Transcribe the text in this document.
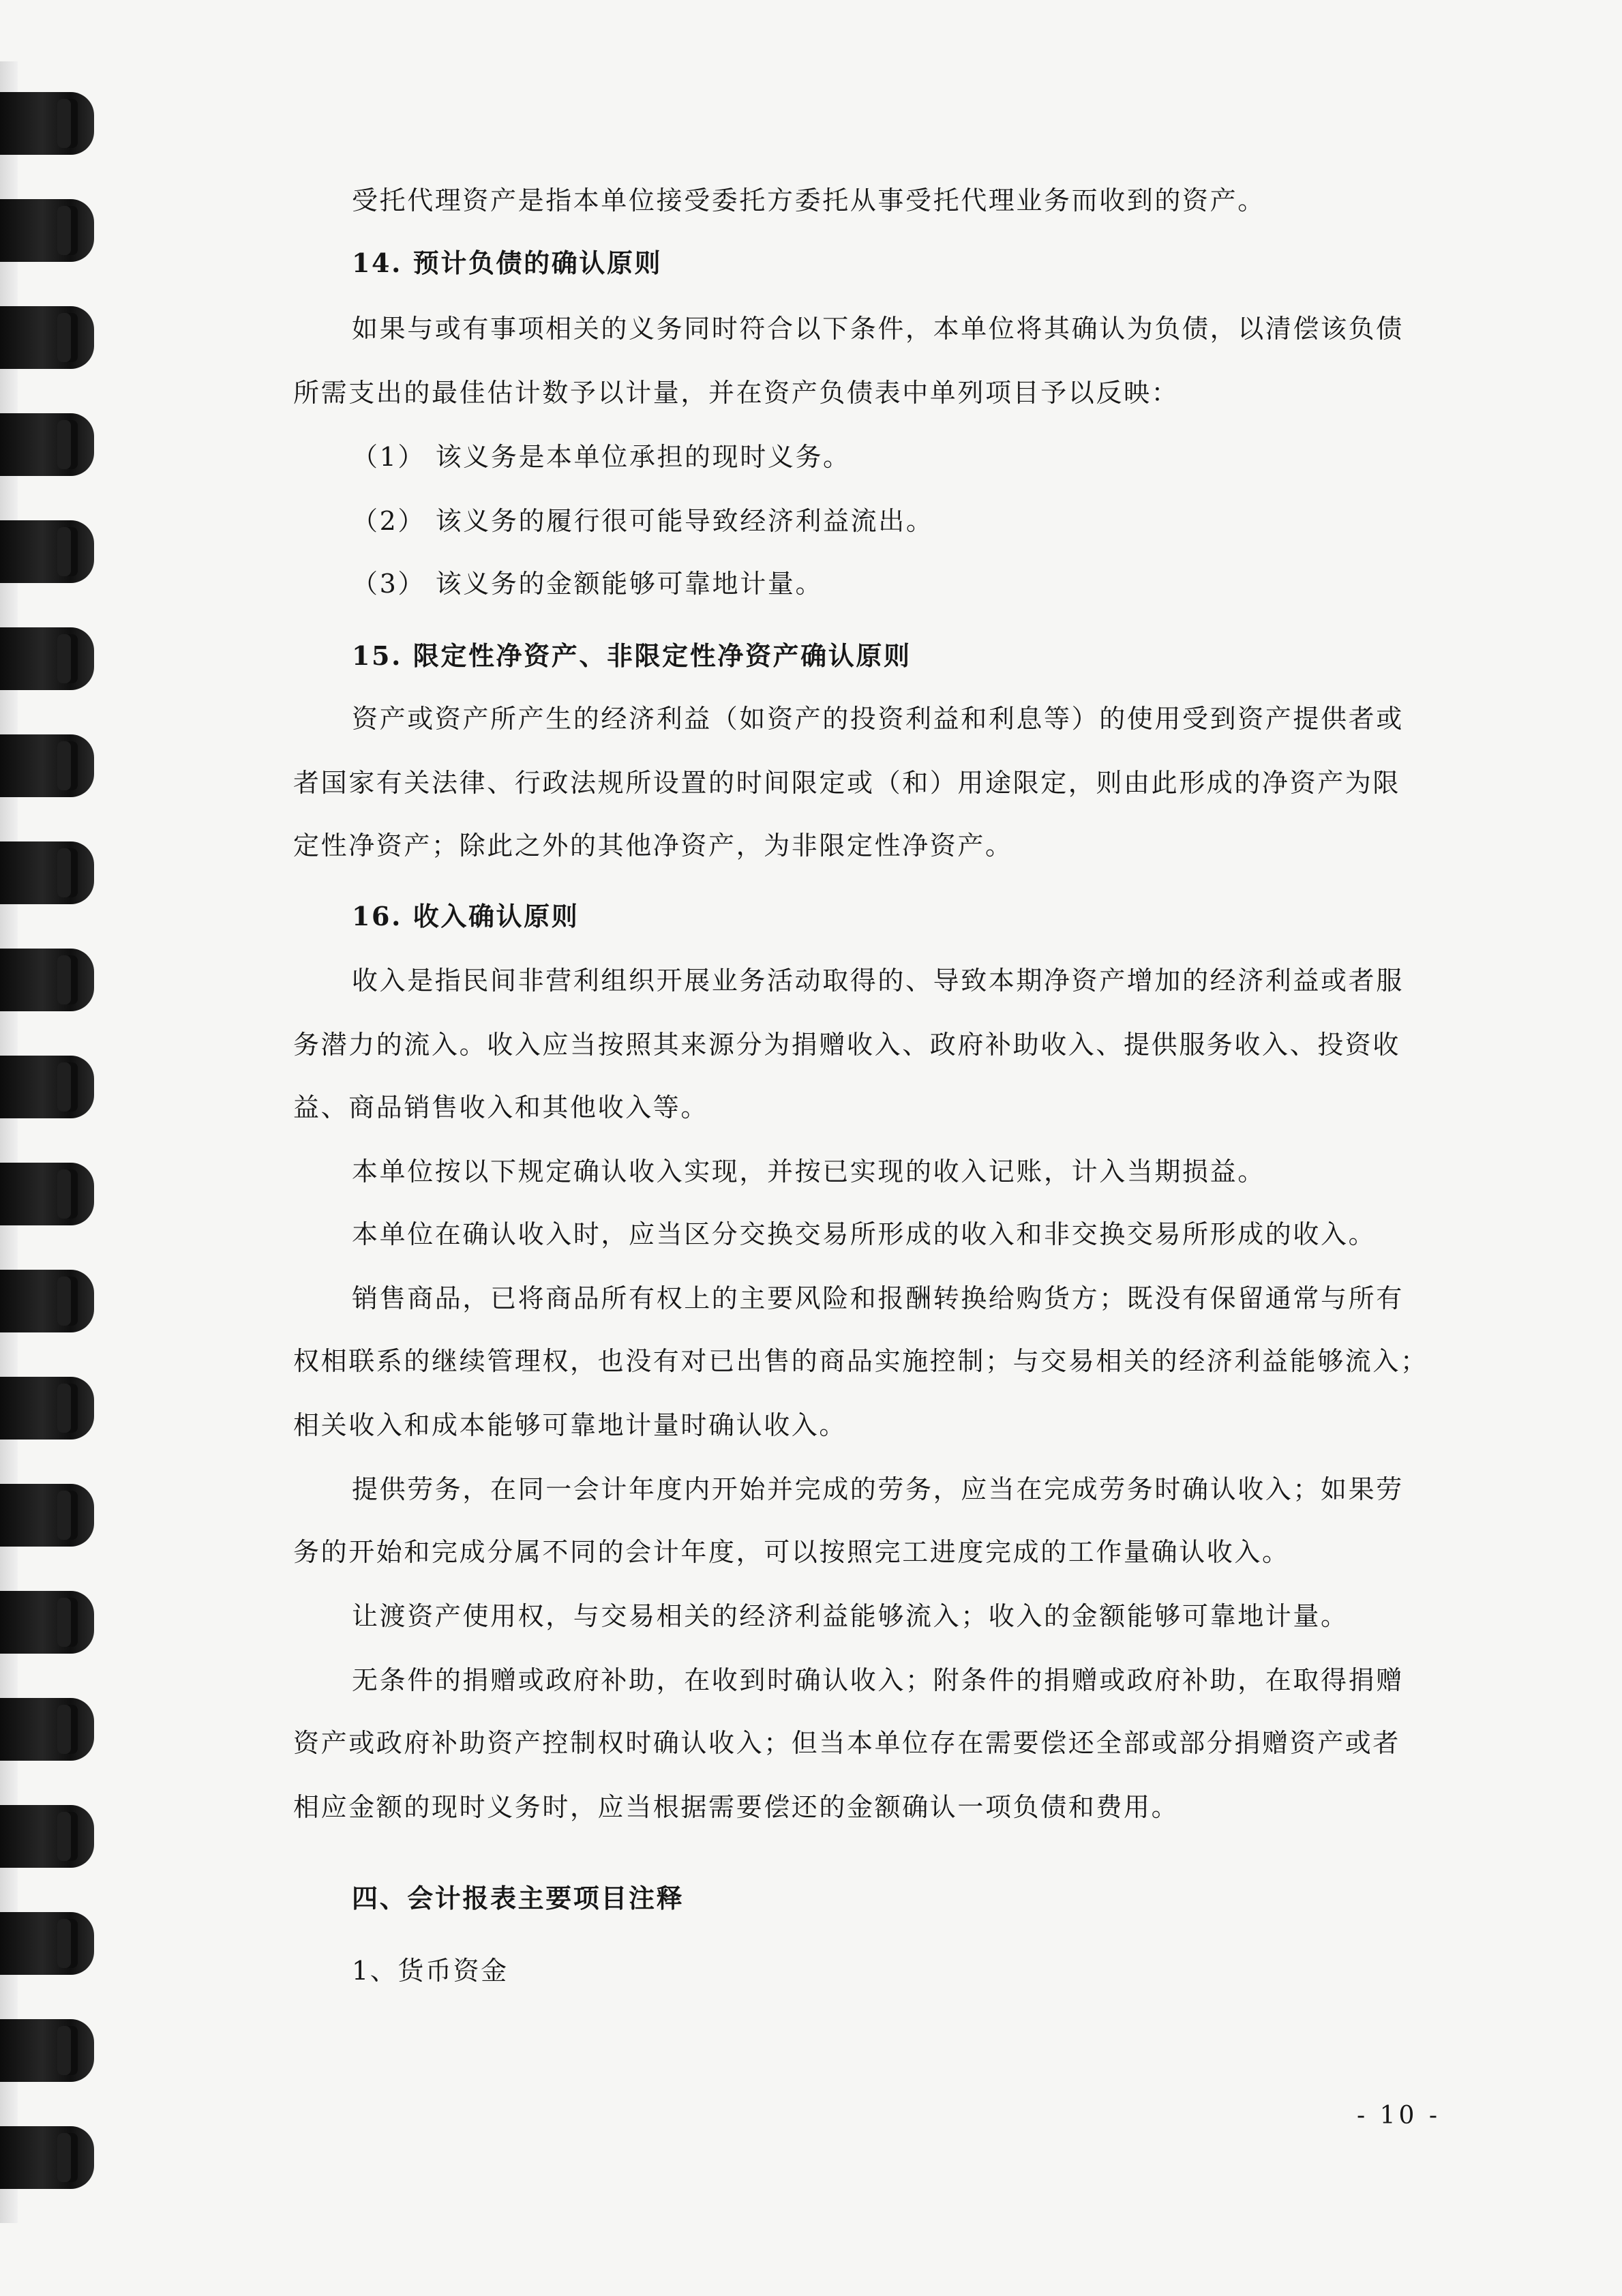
受托代理资产是指本单位接受委托方委托从事受托代理业务而收到的资产。
14. 预计负债的确认原则
如果与或有事项相关的义务同时符合以下条件，本单位将其确认为负债，以清偿该负债
所需支出的最佳估计数予以计量，并在资产负债表中单列项目予以反映：
（1） 该义务是本单位承担的现时义务。
（2） 该义务的履行很可能导致经济利益流出。
（3） 该义务的金额能够可靠地计量。
15. 限定性净资产、非限定性净资产确认原则
资产或资产所产生的经济利益（如资产的投资利益和利息等）的使用受到资产提供者或
者国家有关法律、行政法规所设置的时间限定或（和）用途限定，则由此形成的净资产为限
定性净资产；除此之外的其他净资产，为非限定性净资产。
16. 收入确认原则
收入是指民间非营利组织开展业务活动取得的、导致本期净资产增加的经济利益或者服
务潜力的流入。收入应当按照其来源分为捐赠收入、政府补助收入、提供服务收入、投资收
益、商品销售收入和其他收入等。
本单位按以下规定确认收入实现，并按已实现的收入记账，计入当期损益。
本单位在确认收入时，应当区分交换交易所形成的收入和非交换交易所形成的收入。
销售商品，已将商品所有权上的主要风险和报酬转换给购货方；既没有保留通常与所有
权相联系的继续管理权，也没有对已出售的商品实施控制；与交易相关的经济利益能够流入；
相关收入和成本能够可靠地计量时确认收入。
提供劳务，在同一会计年度内开始并完成的劳务，应当在完成劳务时确认收入；如果劳
务的开始和完成分属不同的会计年度，可以按照完工进度完成的工作量确认收入。
让渡资产使用权，与交易相关的经济利益能够流入；收入的金额能够可靠地计量。
无条件的捐赠或政府补助，在收到时确认收入；附条件的捐赠或政府补助，在取得捐赠
资产或政府补助资产控制权时确认收入；但当本单位存在需要偿还全部或部分捐赠资产或者
相应金额的现时义务时，应当根据需要偿还的金额确认一项负债和费用。
四、会计报表主要项目注释
1、货币资金
- 10 -
